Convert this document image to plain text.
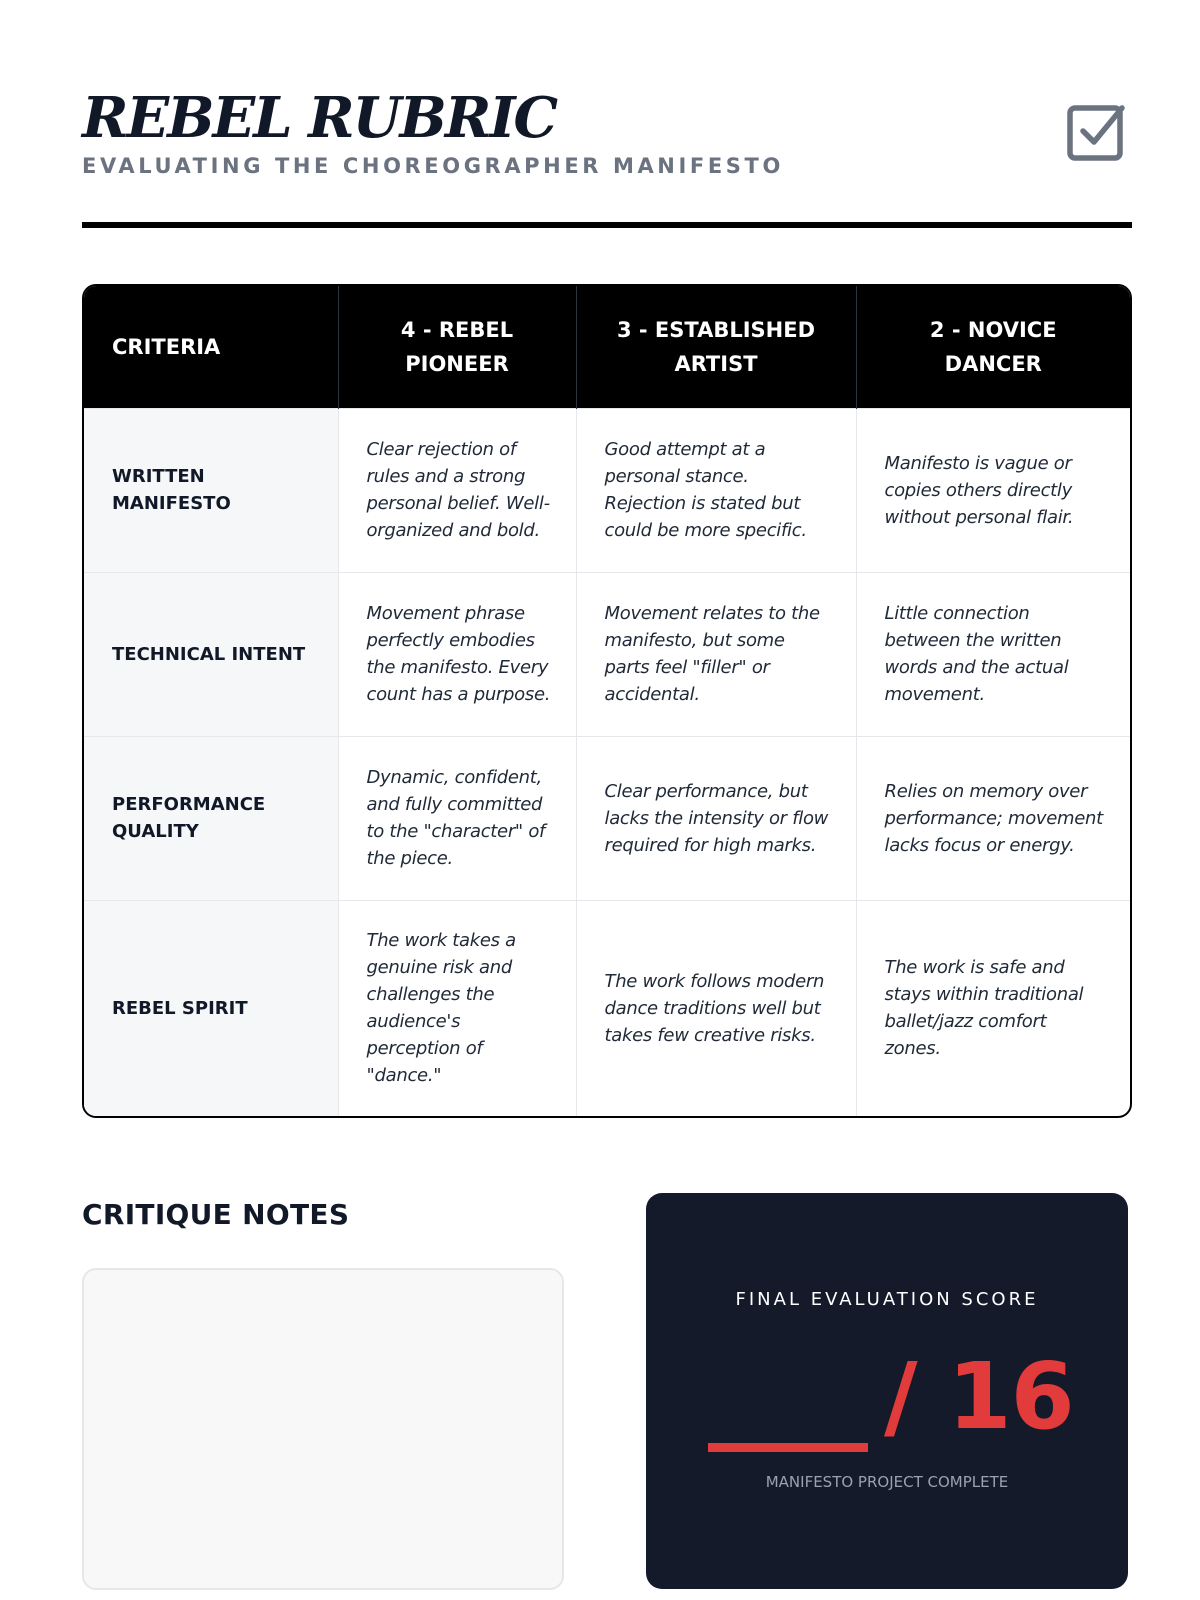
REBEL RUBRIC
EVALUATING THE CHOREOGRAPHER MANIFESTO
CRITERIA	4 - REBEL PIONEER	3 - ESTABLISHED ARTIST	2 - NOVICE DANCER
WRITTEN MANIFESTO	Clear rejection of rules and a strong personal belief. Well-organized and bold.	Good attempt at a personal stance. Rejection is stated but could be more specific.	Manifesto is vague or copies others directly without personal flair.
TECHNICAL INTENT	Movement phrase perfectly embodies the manifesto. Every count has a purpose.	Movement relates to the manifesto, but some parts feel "filler" or accidental.	Little connection between the written words and the actual movement.
PERFORMANCE QUALITY	Dynamic, confident, and fully committed to the "character" of the piece.	Clear performance, but lacks the intensity or flow required for high marks.	Relies on memory over performance; movement lacks focus or energy.
REBEL SPIRIT	The work takes a genuine risk and challenges the audience's perception of "dance."	The work follows modern dance traditions well but takes few creative risks.	The work is safe and stays within traditional ballet/jazz comfort zones.
CRITIQUE NOTES
FINAL EVALUATION SCORE
/ 16
MANIFESTO PROJECT COMPLETE
